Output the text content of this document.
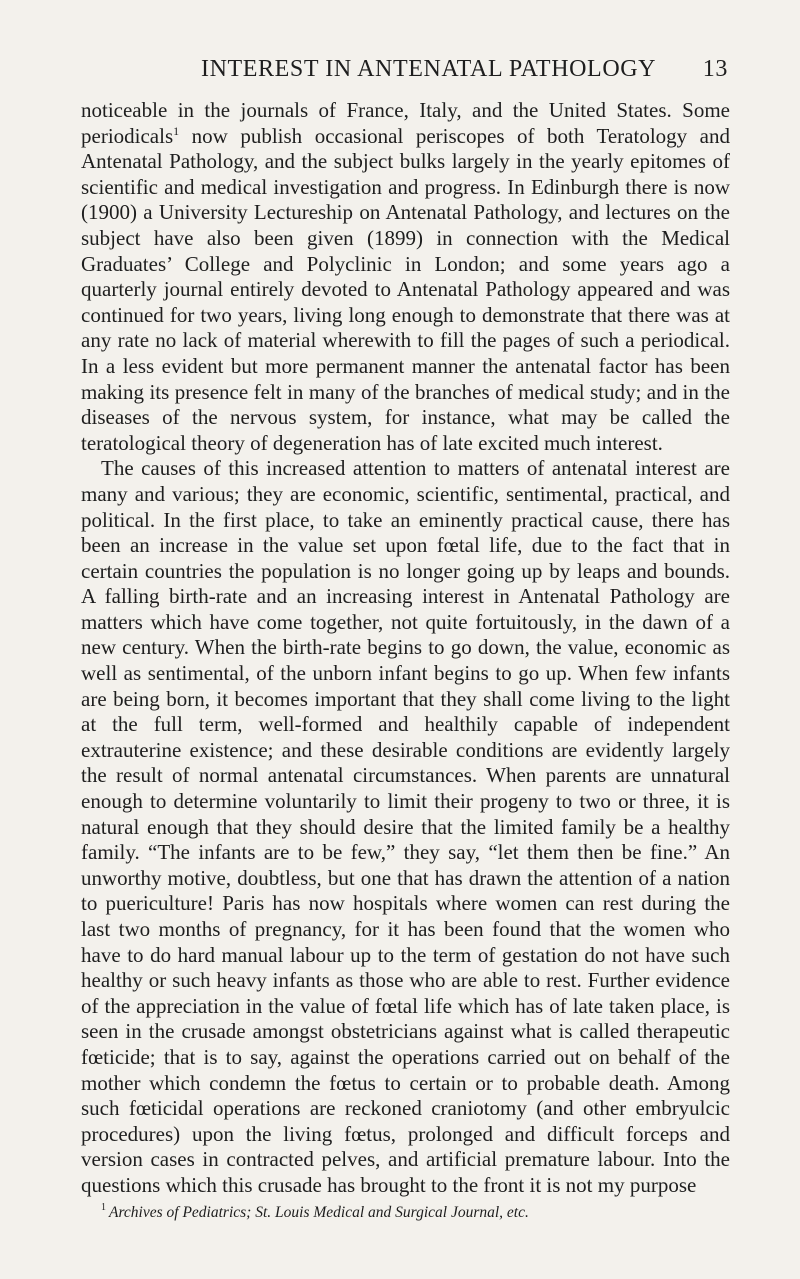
INTEREST IN ANTENATAL PATHOLOGY 13

noticeable in the journals of France, Italy, and the United States. Some periodicals$^1$ now publish occasional periscopes of both Teratology and Antenatal Pathology, and the subject bulks largely in the yearly epitomes of scientific and medical investigation and progress. In Edinburgh there is now (1900) a University Lectureship on Antenatal Pathology, and lectures on the subject have also been given (1899) in connection with the Medical Graduates’ College and Polyclinic in London; and some years ago a quarterly journal entirely devoted to Antenatal Pathology appeared and was continued for two years, living long enough to demonstrate that there was at any rate no lack of material wherewith to fill the pages of such a periodical. In a less evident but more permanent manner the antenatal factor has been making its presence felt in many of the branches of medical study; and in the diseases of the nervous system, for instance, what may be called the teratological theory of degeneration has of late excited much interest.

The causes of this increased attention to matters of antenatal interest are many and various; they are economic, scientific, sentimental, practical, and political. In the first place, to take an eminently practical cause, there has been an increase in the value set upon fœtal life, due to the fact that in certain countries the population is no longer going up by leaps and bounds. A falling birth-rate and an increasing interest in Antenatal Pathology are matters which have come together, not quite fortuitously, in the dawn of a new century. When the birth-rate begins to go down, the value, economic as well as sentimental, of the unborn infant begins to go up. When few infants are being born, it becomes important that they shall come living to the light at the full term, well-formed and healthily capable of independent extrauterine existence; and these desirable conditions are evidently largely the result of normal antenatal circumstances. When parents are unnatural enough to determine voluntarily to limit their progeny to two or three, it is natural enough that they should desire that the limited family be a healthy family. “The infants are to be few,” they say, “let them then be fine.” An unworthy motive, doubtless, but one that has drawn the attention of a nation to puericulture! Paris has now hospitals where women can rest during the last two months of pregnancy, for it has been found that the women who have to do hard manual labour up to the term of gestation do not have such healthy or such heavy infants as those who are able to rest. Further evidence of the appreciation in the value of fœtal life which has of late taken place, is seen in the crusade amongst obstetricians against what is called therapeutic fœticide; that is to say, against the operations carried out on behalf of the mother which condemn the fœtus to certain or to probable death. Among such fœticidal operations are reckoned craniotomy (and other embryulcic procedures) upon the living fœtus, prolonged and difficult forceps and version cases in contracted pelves, and artificial premature labour. Into the questions which this crusade has brought to the front it is not my purpose

$^1$ Archives of Pediatrics; St. Louis Medical and Surgical Journal, etc.
